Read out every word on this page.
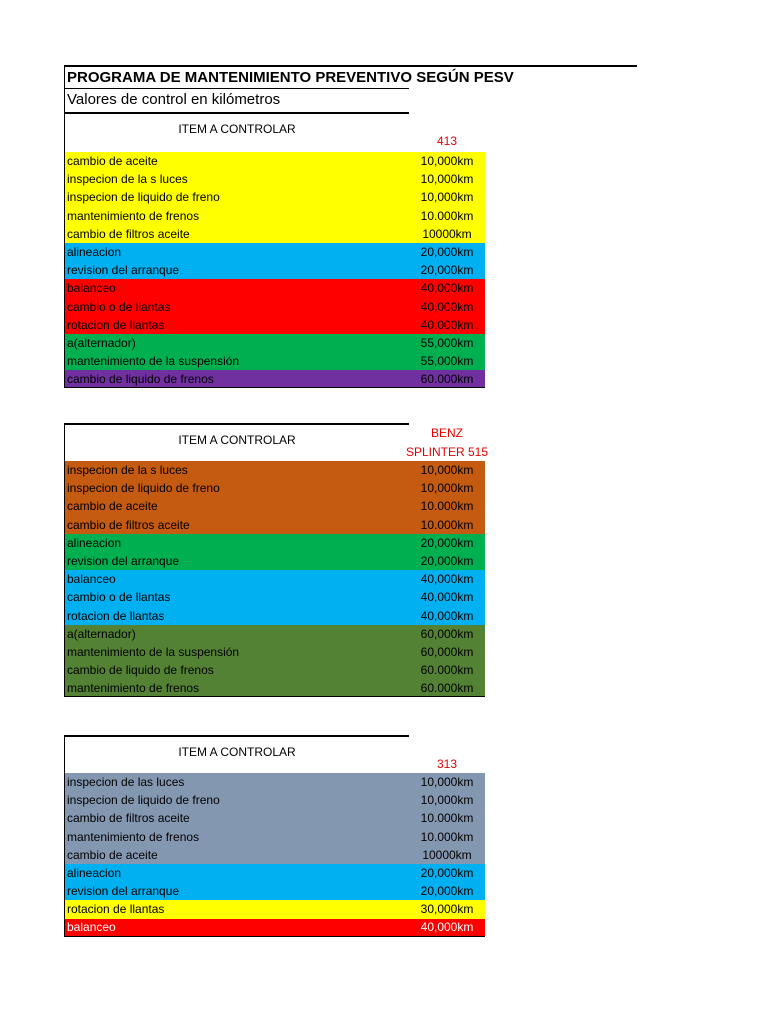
PROGRAMA DE MANTENIMIENTO PREVENTIVO SEGÚN PESV
Valores de control en kilómetros
ITEM A CONTROLAR
413
cambio de aceite	10,000km
inspecion de la s luces	10,000km
inspecion de liquido de freno	10,000km
mantenimiento de frenos	10.000km
cambio de filtros aceite	10000km
alineacion	20,000km
revision del arranque	20,000km
balanceo	40,000km
cambio o de llantas	40,000km
rotacion de llantas	40,000km
a(alternador)	55,000km
mantenimiento de la suspensión	55,000km
cambio de liquido de frenos	60.000km
ITEM A CONTROLAR	BENZ
SPLINTER 515
inspecion de la s luces	10,000km
inspecion de liquido de freno	10,000km
cambio de aceite	10.000km
cambio de filtros aceite	10.000km
alineacion	20,000km
revision del arranque	20,000km
balanceo	40,000km
cambio o de llantas	40,000km
rotacion de llantas	40,000km
a(alternador)	60,000km
mantenimiento de la suspensión	60,000km
cambio de liquido de frenos	60.000km
mantenimiento de frenos	60.000km
ITEM A CONTROLAR
313
inspecion de las luces	10,000km
inspecion de liquido de freno	10,000km
cambio de filtros aceite	10.000km
mantenimiento de frenos	10.000km
cambio de aceite	10000km
alineacion	20,000km
revision del arranque	20,000km
rotacion de llantas	30,000km
balanceo	40,000km
